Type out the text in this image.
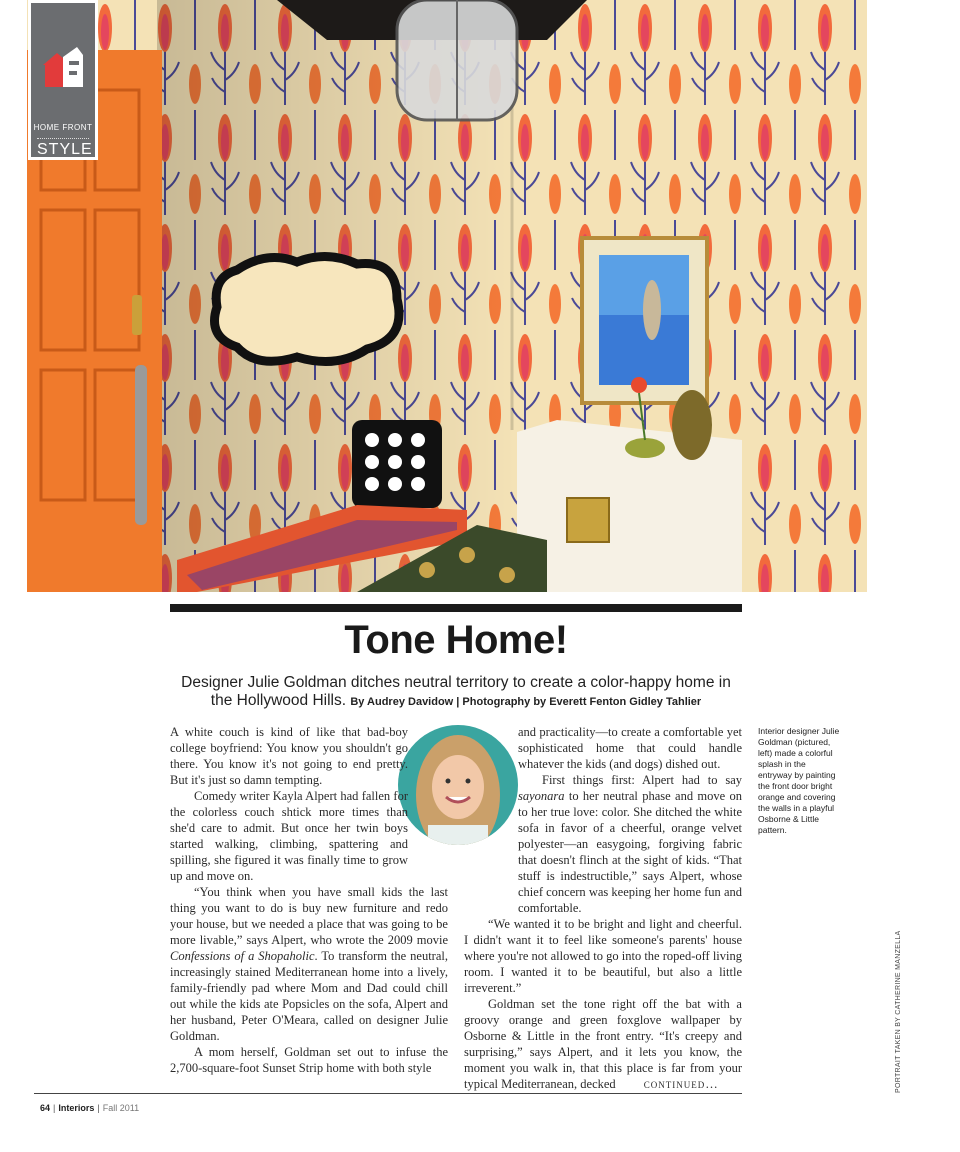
HOME FRONT
STYLE
Tone Home!
Designer Julie Goldman ditches neutral territory to create a color-happy home in the Hollywood Hills. By Audrey Davidow | Photography by Everett Fenton Gidley Tahlier

A white couch is kind of like that bad-boy college boyfriend: You know you shouldn't go there. You know it's not going to end pretty. But it's just so damn tempting.

Comedy writer Kayla Alpert had fallen for the colorless couch shtick more times than she'd care to admit. But once her twin boys started walking, climbing, spattering and spilling, she figured it was finally time to grow up and move on.

“You think when you have small kids the last thing you want to do is buy new furniture and redo your house, but we needed a place that was going to be more livable,” says Alpert, who wrote the 2009 movie Confessions of a Shopaholic. To transform the neutral, increasingly stained Mediterranean home into a lively, family-friendly pad where Mom and Dad could chill out while the kids ate Popsicles on the sofa, Alpert and her husband, Peter O'Meara, called on designer Julie Goldman.

A mom herself, Goldman set out to infuse the 2,700-square-foot Sunset Strip home with both style

and practicality—to create a comfortable yet sophisticated home that could handle whatever the kids (and dogs) dished out.

First things first: Alpert had to say sayonara to her neutral phase and move on to her true love: color. She ditched the white sofa in favor of a cheerful, orange velvet polyester—an easygoing, forgiving fabric that doesn't flinch at the sight of kids. “That stuff is indestructible,” says Alpert, whose chief concern was keeping her home fun and comfortable.

“We wanted it to be bright and light and cheerful. I didn't want it to feel like someone's parents' house where you're not allowed to go into the roped-off living room. I wanted it to be beautiful, but also a little irreverent.”

Goldman set the tone right off the bat with a groovy orange and green foxglove wallpaper by Osborne & Little in the front entry. “It's creepy and surprising,” says Alpert, and it lets you know, the moment you walk in, that this place is far from your typical Mediterranean, decked         continued…

Interior designer Julie Goldman (pictured, left) made a colorful splash in the entryway by painting the front door bright orange and covering the walls in a playful Osborne & Little pattern.
PORTRAIT TAKEN BY CATHERINE MANZELLA
64 | Interiors | Fall 2011
